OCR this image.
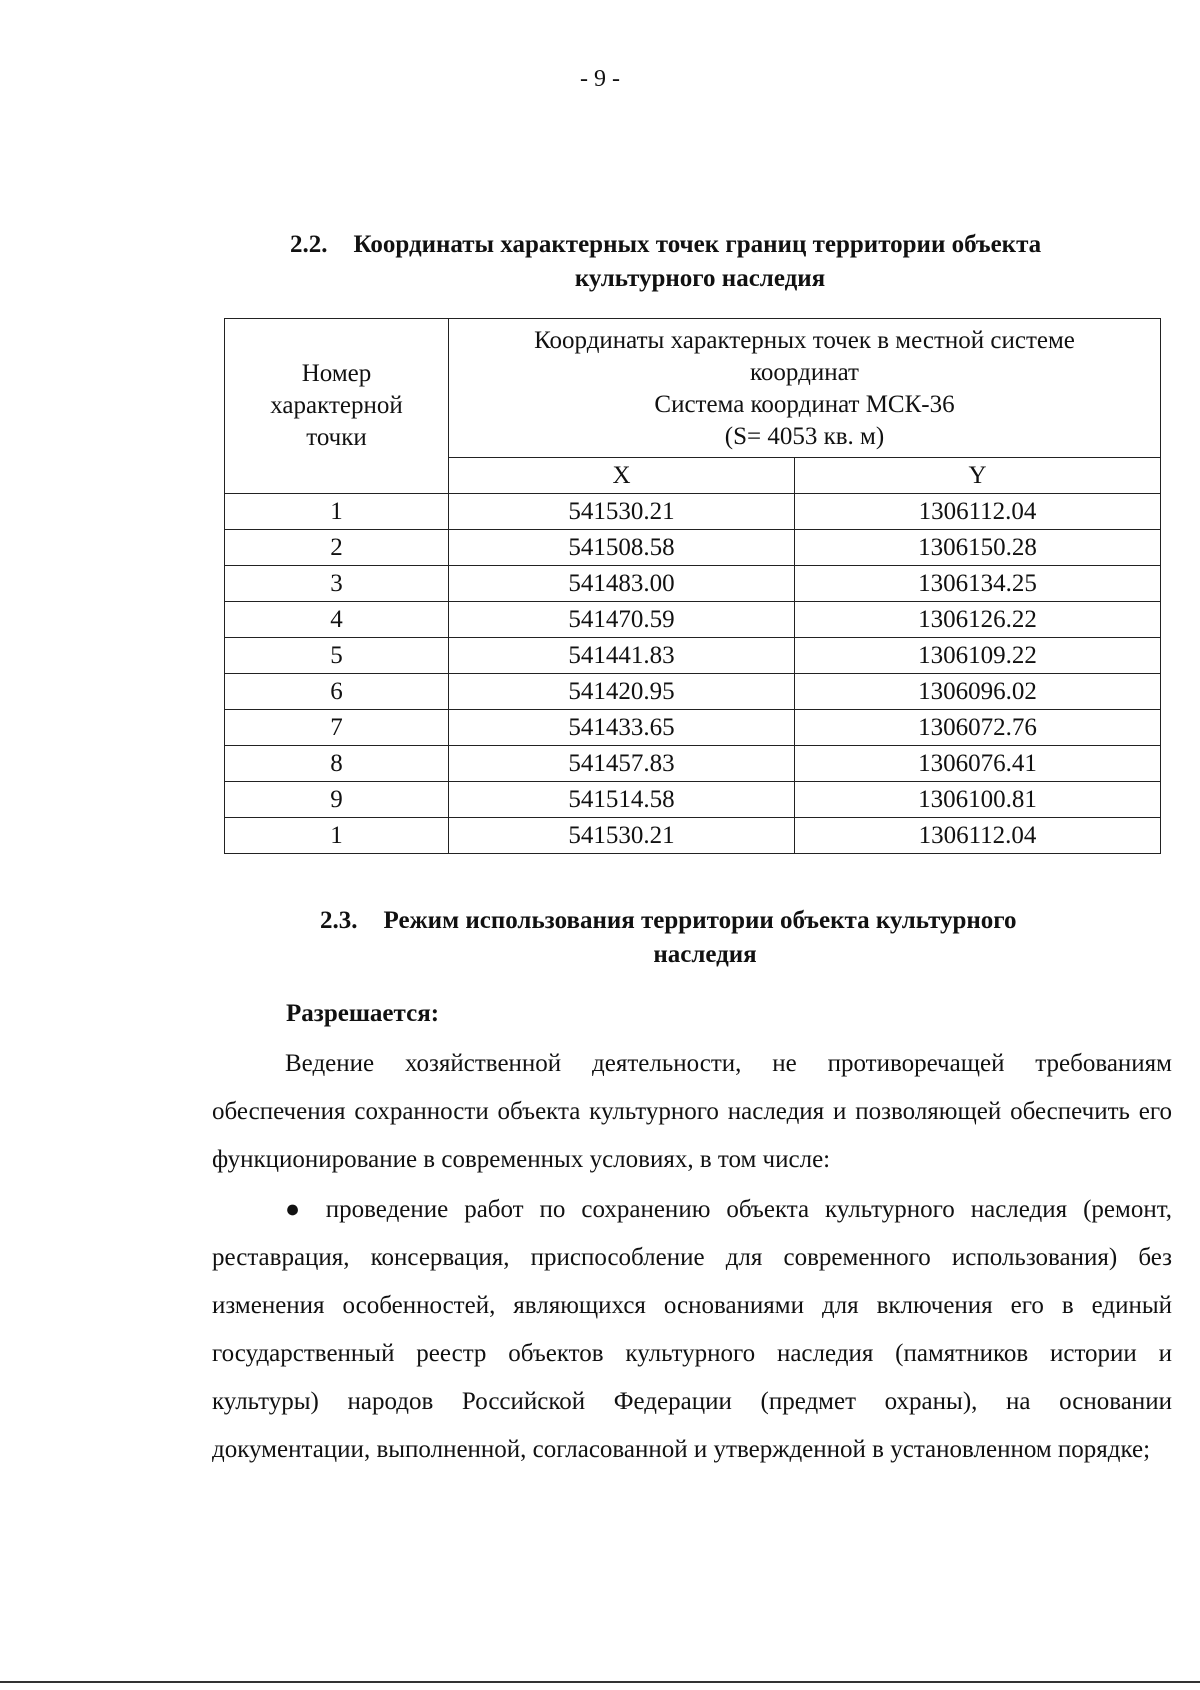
- 9 -
2.2. Координаты характерных точек границ территории объекта
культурного наследия
Номер характерной точки	Координаты характерных точек в местной системе координат
Система координат МСК-36
(S= 4053 кв. м)	

	X	Y
1	541530.21	1306112.04
2	541508.58	1306150.28
3	541483.00	1306134.25
4	541470.59	1306126.22
5	541441.83	1306109.22
6	541420.95	1306096.02
7	541433.65	1306072.76
8	541457.83	1306076.41
9	541514.58	1306100.81
1	541530.21	1306112.04
2.3. Режим использования территории объекта культурного
наследия
Разрешается:
Ведение хозяйственной деятельности, не противоречащей требованиям обеспечения сохранности объекта культурного наследия и позволяющей обеспечить его функционирование в современных условиях, в том числе:
● проведение работ по сохранению объекта культурного наследия (ремонт, реставрация, консервация, приспособление для современного использования) без изменения особенностей, являющихся основаниями для включения его в единый государственный реестр объектов культурного наследия (памятников истории и культуры) народов Российской Федерации (предмет охраны), на основании документации, выполненной, согласованной и утвержденной в установленном порядке;
